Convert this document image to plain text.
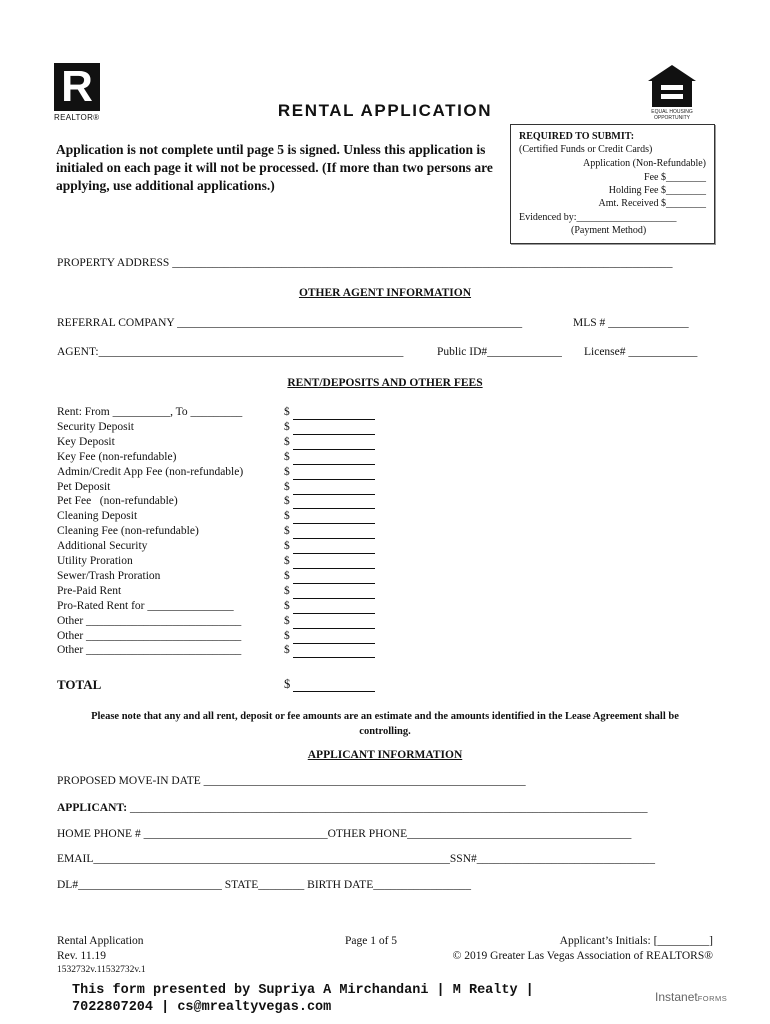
R
REALTOR®
EQUAL HOUSING OPPORTUNITY
RENTAL APPLICATION
Application is not complete until page 5 is signed. Unless this application is initialed on each page it will not be processed. (If more than two persons are applying, use additional applications.)
REQUIRED TO SUBMIT:
(Certified Funds or Credit Cards)
Application (Non-Refundable)
Fee $________
Holding Fee $________
Amt. Received $________
Evidenced by:____________________
(Payment Method)
PROPERTY ADDRESS _______________________________________________________________________________________
OTHER AGENT INFORMATION
REFERRAL COMPANY ____________________________________________________________	MLS # ______________
AGENT:_____________________________________________________	Public ID#_____________ License# ____________
RENT/DEPOSITS AND OTHER FEES
Rent: From __________, To _________	$
Security Deposit	$
Key Deposit	$
Key Fee (non-refundable)	$
Admin/Credit App Fee (non-refundable)	$
Pet Deposit	$
Pet Fee   (non-refundable)	$
Cleaning Deposit	$
Cleaning Fee (non-refundable)	$
Additional Security	$
Utility Proration	$
Sewer/Trash Proration	$
Pre-Paid Rent	$
Pro-Rated Rent for _______________	$
Other ___________________________	$
Other ___________________________	$
Other ___________________________	$
TOTAL	$
Please note that any and all rent, deposit or fee amounts are an estimate and the amounts identified in the Lease Agreement shall be controlling.
APPLICANT INFORMATION
PROPOSED MOVE-IN DATE ________________________________________________________
APPLICANT: __________________________________________________________________________________________
HOME PHONE # ________________________________OTHER PHONE_______________________________________
EMAIL______________________________________________________________SSN#_______________________________
DL#_________________________ STATE________ BIRTH DATE_________________
Rental Application
Rev. 11.19
1532732v.11532732v.1
Page 1 of 5	Applicant’s Initials: [_________]
© 2019 Greater Las Vegas Association of REALTORS®
This form presented by Supriya A Mirchandani | M Realty |
7022807204 | cs@mrealtyvegas.com
InstanetFORMS
